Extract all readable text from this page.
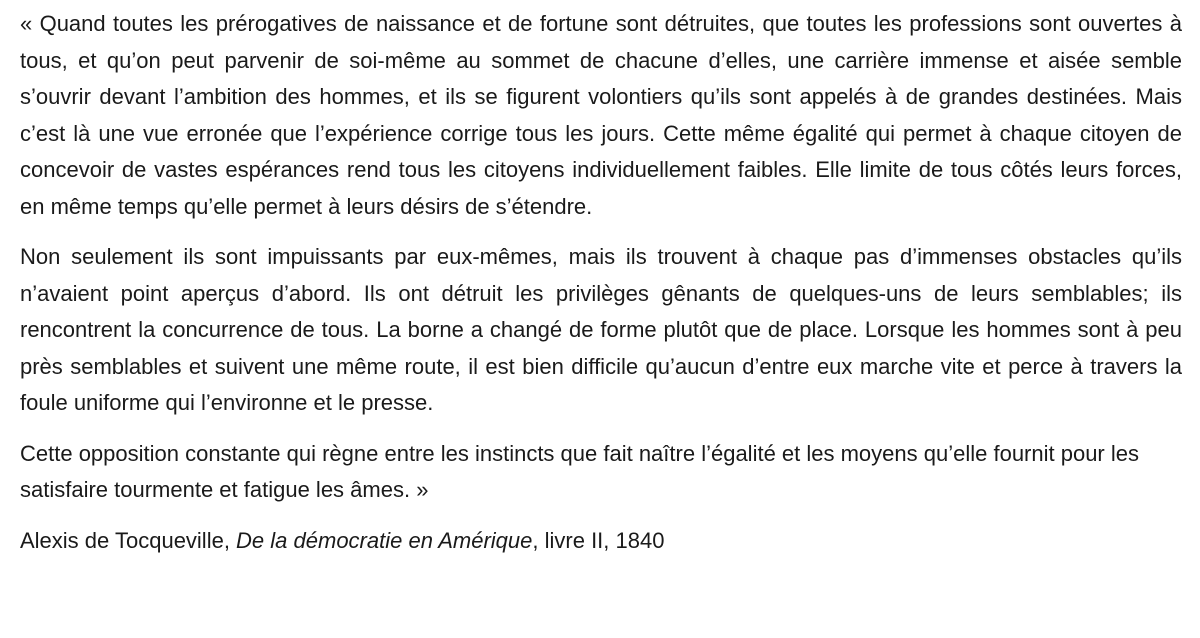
« Quand toutes les prérogatives de naissance et de fortune sont détruites, que toutes les professions sont ouvertes à tous, et qu’on peut parvenir de soi-même au sommet de chacune d’elles, une carrière immense et aisée semble s’ouvrir devant l’ambition des hommes, et ils se figurent volontiers qu’ils sont appelés à de grandes destinées. Mais c’est là une vue erronée que l’expérience corrige tous les jours. Cette même égalité qui permet à chaque citoyen de concevoir de vastes espérances rend tous les citoyens individuellement faibles. Elle limite de tous côtés leurs forces, en même temps qu’elle permet à leurs désirs de s’étendre.

Non seulement ils sont impuissants par eux-mêmes, mais ils trouvent à chaque pas d’immenses obstacles qu’ils n’avaient point aperçus d’abord. Ils ont détruit les privilèges gênants de quelques-uns de leurs semblables; ils rencontrent la concurrence de tous. La borne a changé de forme plutôt que de place. Lorsque les hommes sont à peu près semblables et suivent une même route, il est bien difficile qu’aucun d’entre eux marche vite et perce à travers la foule uniforme qui l’environne et le presse.

Cette opposition constante qui règne entre les instincts que fait naître l’égalité et les moyens qu’elle fournit pour les satisfaire tourmente et fatigue les âmes. »

Alexis de Tocqueville, De la démocratie en Amérique, livre II, 1840
